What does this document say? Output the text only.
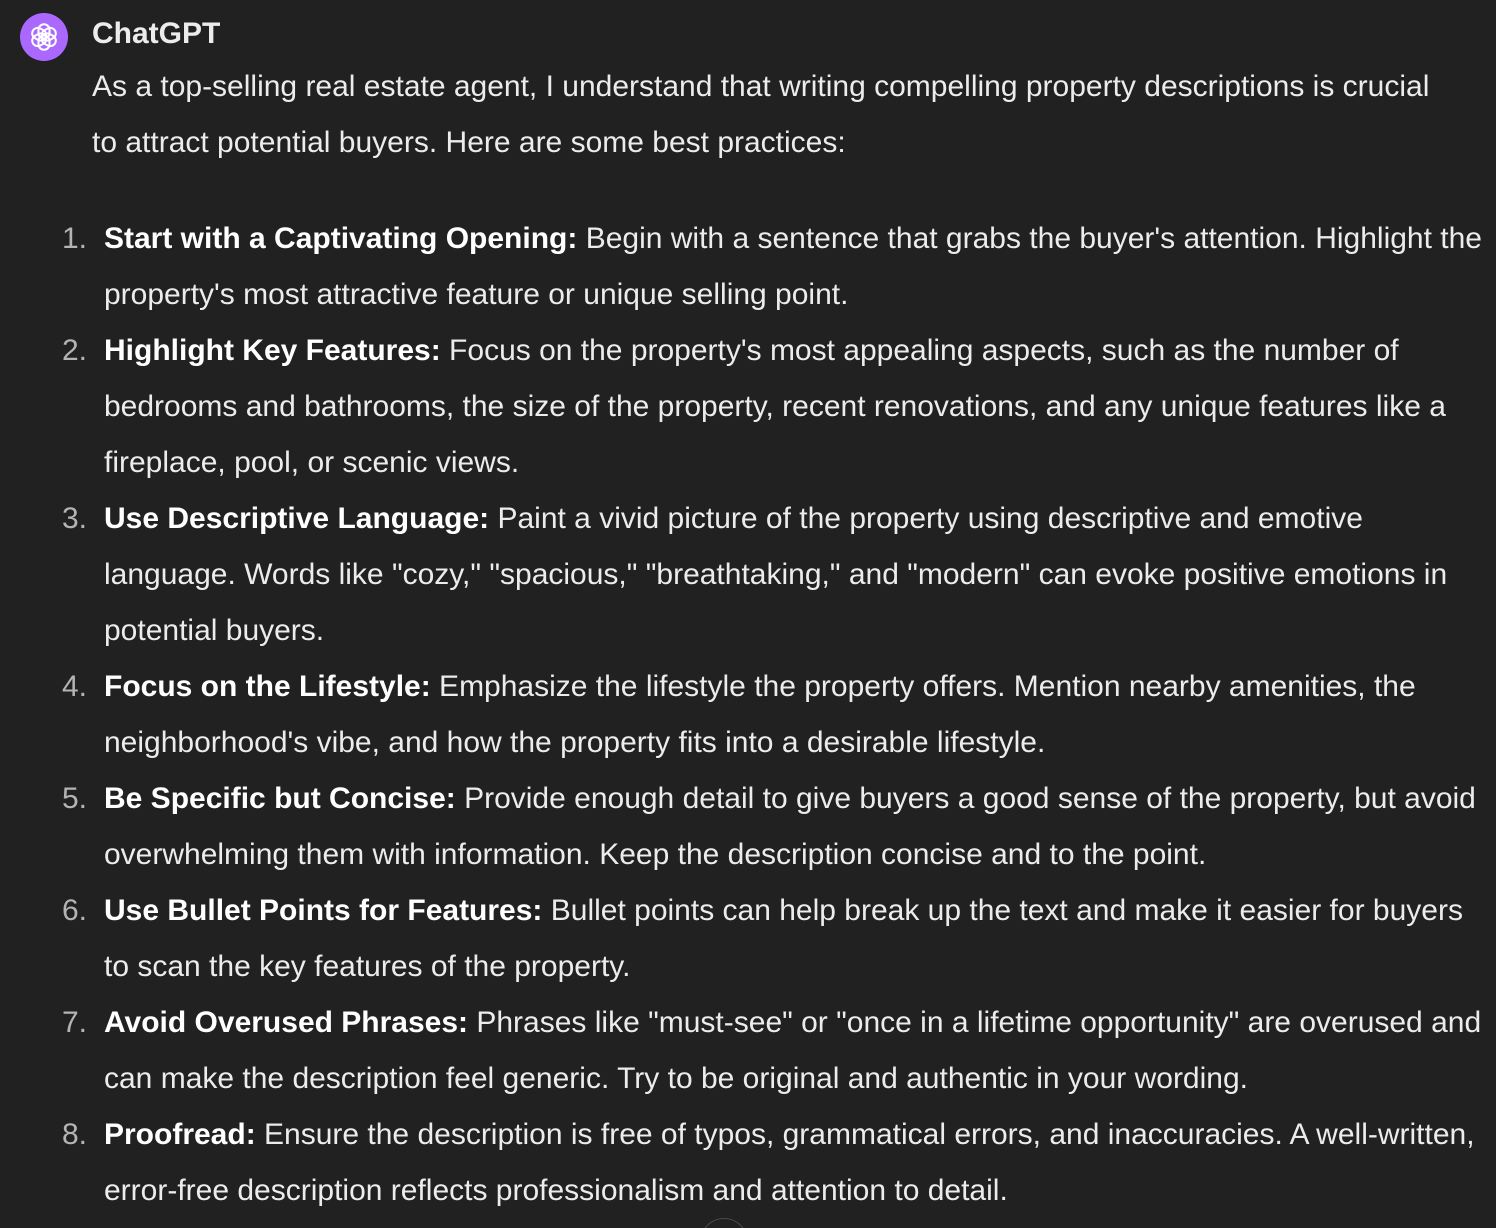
ChatGPT

As a top-selling real estate agent, I understand that writing compelling property descriptions is crucial to attract potential buyers. Here are some best practices:

1. Start with a Captivating Opening: Begin with a sentence that grabs the buyer's attention. Highlight the property's most attractive feature or unique selling point.
2. Highlight Key Features: Focus on the property's most appealing aspects, such as the number of bedrooms and bathrooms, the size of the property, recent renovations, and any unique features like a fireplace, pool, or scenic views.
3. Use Descriptive Language: Paint a vivid picture of the property using descriptive and emotive language. Words like "cozy," "spacious," "breathtaking," and "modern" can evoke positive emotions in potential buyers.
4. Focus on the Lifestyle: Emphasize the lifestyle the property offers. Mention nearby amenities, the neighborhood's vibe, and how the property fits into a desirable lifestyle.
5. Be Specific but Concise: Provide enough detail to give buyers a good sense of the property, but avoid overwhelming them with information. Keep the description concise and to the point.
6. Use Bullet Points for Features: Bullet points can help break up the text and make it easier for buyers to scan the key features of the property.
7. Avoid Overused Phrases: Phrases like "must-see" or "once in a lifetime opportunity" are overused and can make the description feel generic. Try to be original and authentic in your wording.
8. Proofread: Ensure the description is free of typos, grammatical errors, and inaccuracies. A well-written, error-free description reflects professionalism and attention to detail.
